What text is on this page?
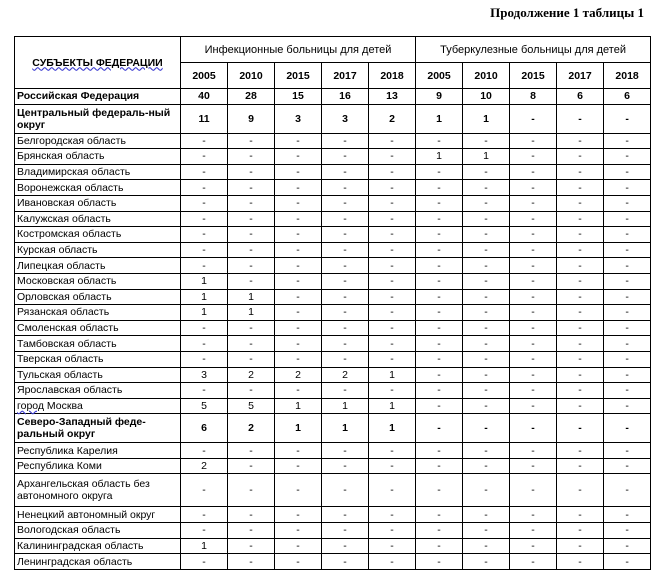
Продолжение 1 таблицы 1
СУБЪЕКТЫ ФЕДЕРАЦИИ	Инфекционные больницы для детей					Туберкулезные больницы для детей				
	2005	2010	2015	2017	2018	2005	2010	2015	2017	2018
Российская Федерация	40	28	15	16	13	9	10	8	6	6
Центральный федераль-ный округ	11	9	3	3	2	1	1	-	-	-
Белгородская область	-	-	-	-	-	-	-	-	-	-
Брянская область	-	-	-	-	-	1	1	-	-	-
Владимирская область	-	-	-	-	-	-	-	-	-	-
Воронежская область	-	-	-	-	-	-	-	-	-	-
Ивановская область	-	-	-	-	-	-	-	-	-	-
Калужская область	-	-	-	-	-	-	-	-	-	-
Костромская область	-	-	-	-	-	-	-	-	-	-
Курская область	-	-	-	-	-	-	-	-	-	-
Липецкая область	-	-	-	-	-	-	-	-	-	-
Московская область	1	-	-	-	-	-	-	-	-	-
Орловская область	1	1	-	-	-	-	-	-	-	-
Рязанская область	1	1	-	-	-	-	-	-	-	-
Смоленская область	-	-	-	-	-	-	-	-	-	-
Тамбовская область	-	-	-	-	-	-	-	-	-	-
Тверская область	-	-	-	-	-	-	-	-	-	-
Тульская область	3	2	2	2	1	-	-	-	-	-
Ярославская область	-	-	-	-	-	-	-	-	-	-
город Москва	5	5	1	1	1	-	-	-	-	-
Северо-Западный феде-ральный округ	6	2	1	1	1	-	-	-	-	-
Республика Карелия	-	-	-	-	-	-	-	-	-	-
Республика Коми	2	-	-	-	-	-	-	-	-	-
Архангельская область без автономного округа	-	-	-	-	-	-	-	-	-	-
Ненецкий автономный округ	-	-	-	-	-	-	-	-	-	-
Вологодская область	-	-	-	-	-	-	-	-	-	-
Калининградская область	1	-	-	-	-	-	-	-	-	-
Ленинградская область	-	-	-	-	-	-	-	-	-	-
